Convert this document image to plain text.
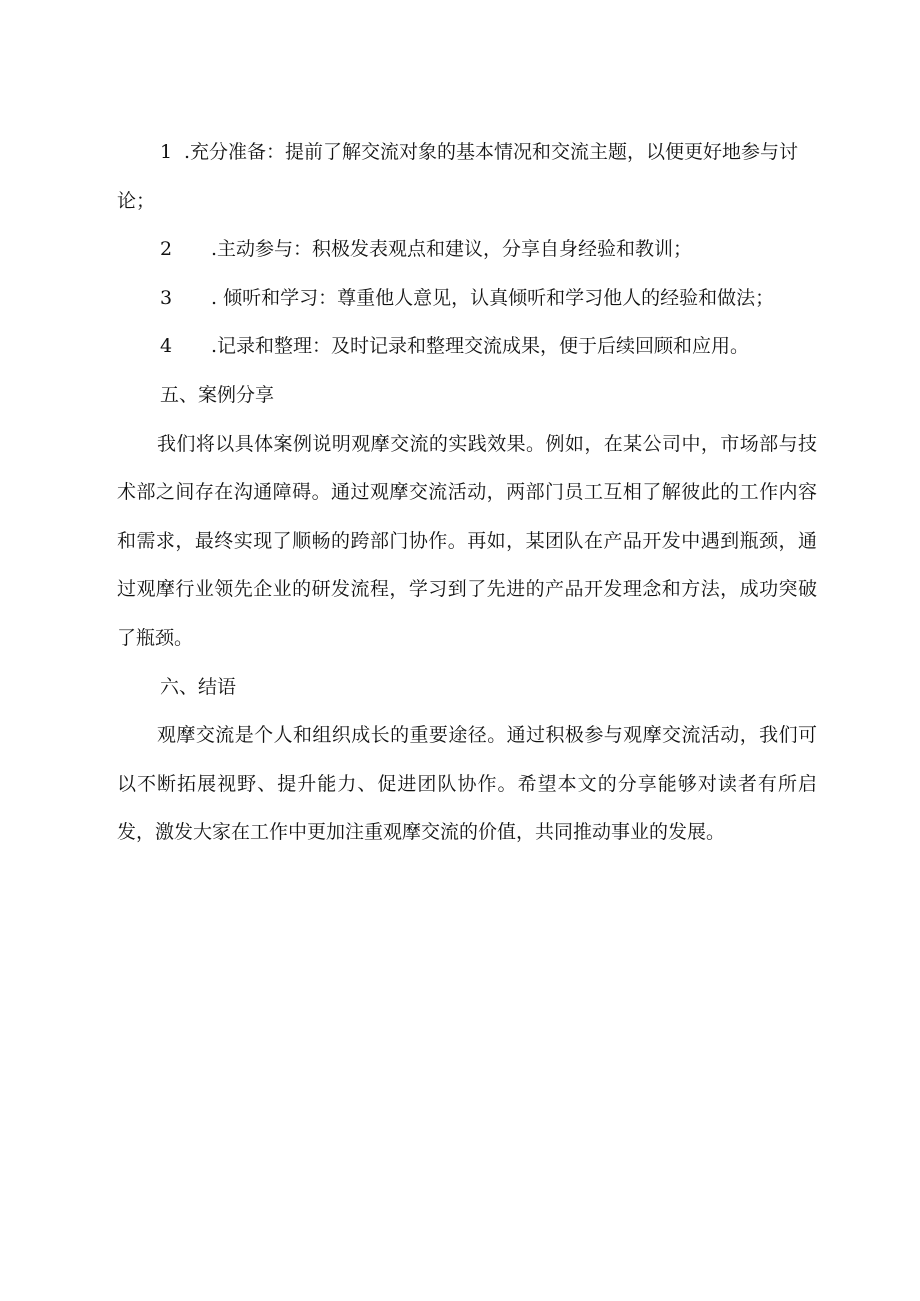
1 .充分准备：提前了解交流对象的基本情况和交流主题，以便更好地参与讨论；
2 .主动参与：积极发表观点和建议，分享自身经验和教训；
3 . 倾听和学习：尊重他人意见，认真倾听和学习他人的经验和做法；
4 .记录和整理：及时记录和整理交流成果，便于后续回顾和应用。
五、案例分享

我们将以具体案例说明观摩交流的实践效果。例如，在某公司中，市场部与技术部之间存在沟通障碍。通过观摩交流活动，两部门员工互相了解彼此的工作内容和需求，最终实现了顺畅的跨部门协作。再如，某团队在产品开发中遇到瓶颈，通过观摩行业领先企业的研发流程，学习到了先进的产品开发理念和方法，成功突破了瓶颈。

六、结语

观摩交流是个人和组织成长的重要途径。通过积极参与观摩交流活动，我们可以不断拓展视野、提升能力、促进团队协作。希望本文的分享能够对读者有所启发，激发大家在工作中更加注重观摩交流的价值，共同推动事业的发展。
